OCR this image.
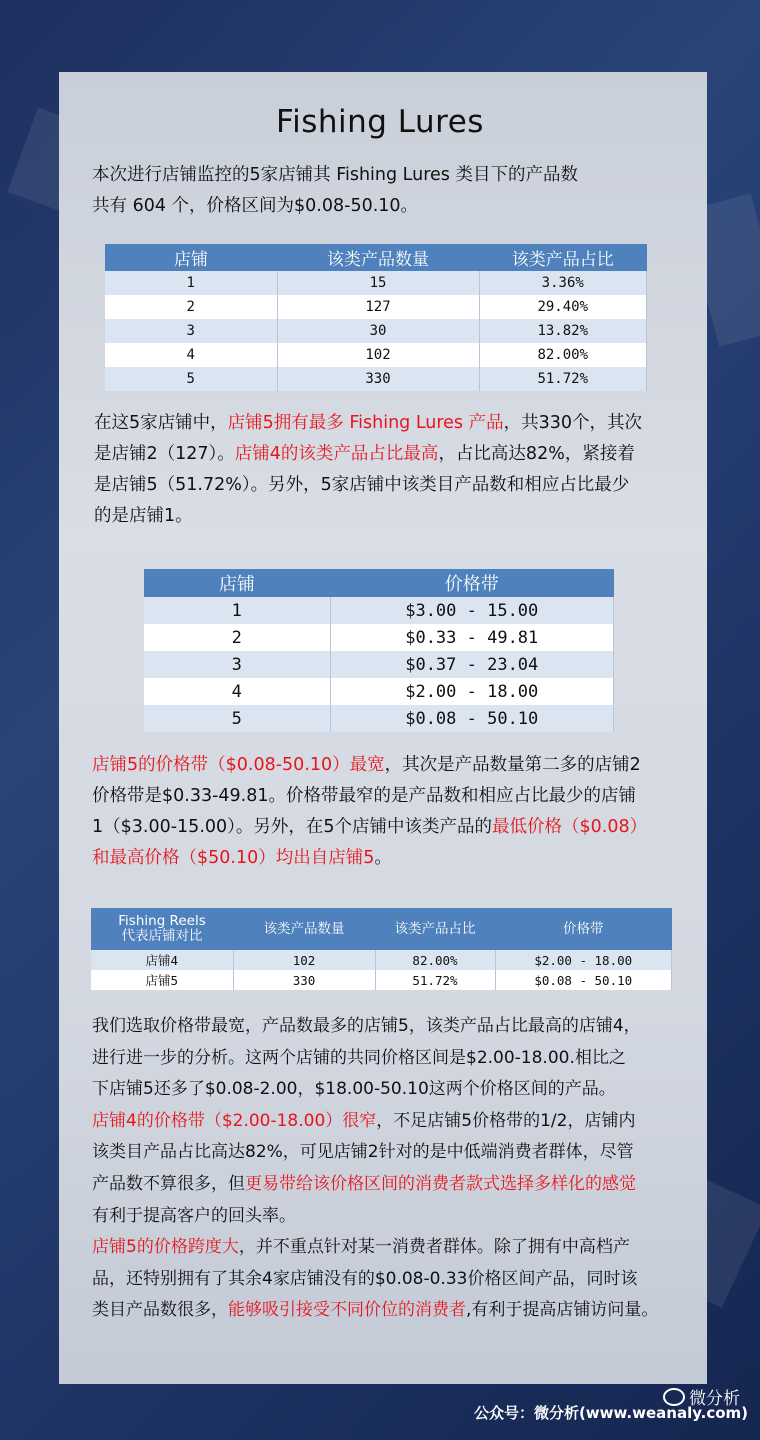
Fishing Lures
本次进行店铺监控的5家店铺其 Fishing Lures 类目下的产品数
共有 604 个，价格区间为$0.08-50.10。
店铺	该类产品数量	该类产品占比
1	15	3.36%
2	127	29.40%
3	30	13.82%
4	102	82.00%
5	330	51.72%
在这5家店铺中，店铺5拥有最多 Fishing Lures 产品，共330个，其次
是店铺2（127）。店铺4的该类产品占比最高，占比高达82%，紧接着
是店铺5（51.72%）。另外，5家店铺中该类目产品数和相应占比最少
的是店铺1。
店铺	价格带
1	$3.00 - 15.00
2	$0.33 - 49.81
3	$0.37 - 23.04
4	$2.00 - 18.00
5	$0.08 - 50.10
店铺5的价格带（$0.08-50.10）最宽，其次是产品数量第二多的店铺2
价格带是$0.33-49.81。价格带最窄的是产品数和相应占比最少的店铺
1（$3.00-15.00）。另外，在5个店铺中该类产品的最低价格（$0.08）
和最高价格（$50.10）均出自店铺5。
Fishing Reels
代表店铺对比	该类产品数量	该类产品占比	价格带
店铺4	102	82.00%	$2.00 - 18.00
店铺5	330	51.72%	$0.08 - 50.10
我们选取价格带最宽，产品数最多的店铺5，该类产品占比最高的店铺4，
进行进一步的分析。这两个店铺的共同价格区间是$2.00-18.00.相比之
下店铺5还多了$0.08-2.00，$18.00-50.10这两个价格区间的产品。
店铺4的价格带（$2.00-18.00）很窄，不足店铺5价格带的1/2，店铺内
该类目产品占比高达82%，可见店铺2针对的是中低端消费者群体，尽管
产品数不算很多，但更易带给该价格区间的消费者款式选择多样化的感觉
有利于提高客户的回头率。
店铺5的价格跨度大，并不重点针对某一消费者群体。除了拥有中高档产
品，还特别拥有了其余4家店铺没有的$0.08-0.33价格区间产品，同时该
类目产品数很多，能够吸引接受不同价位的消费者,有利于提高店铺访问量。
微分析
公众号：微分析(www.weanaly.com)
